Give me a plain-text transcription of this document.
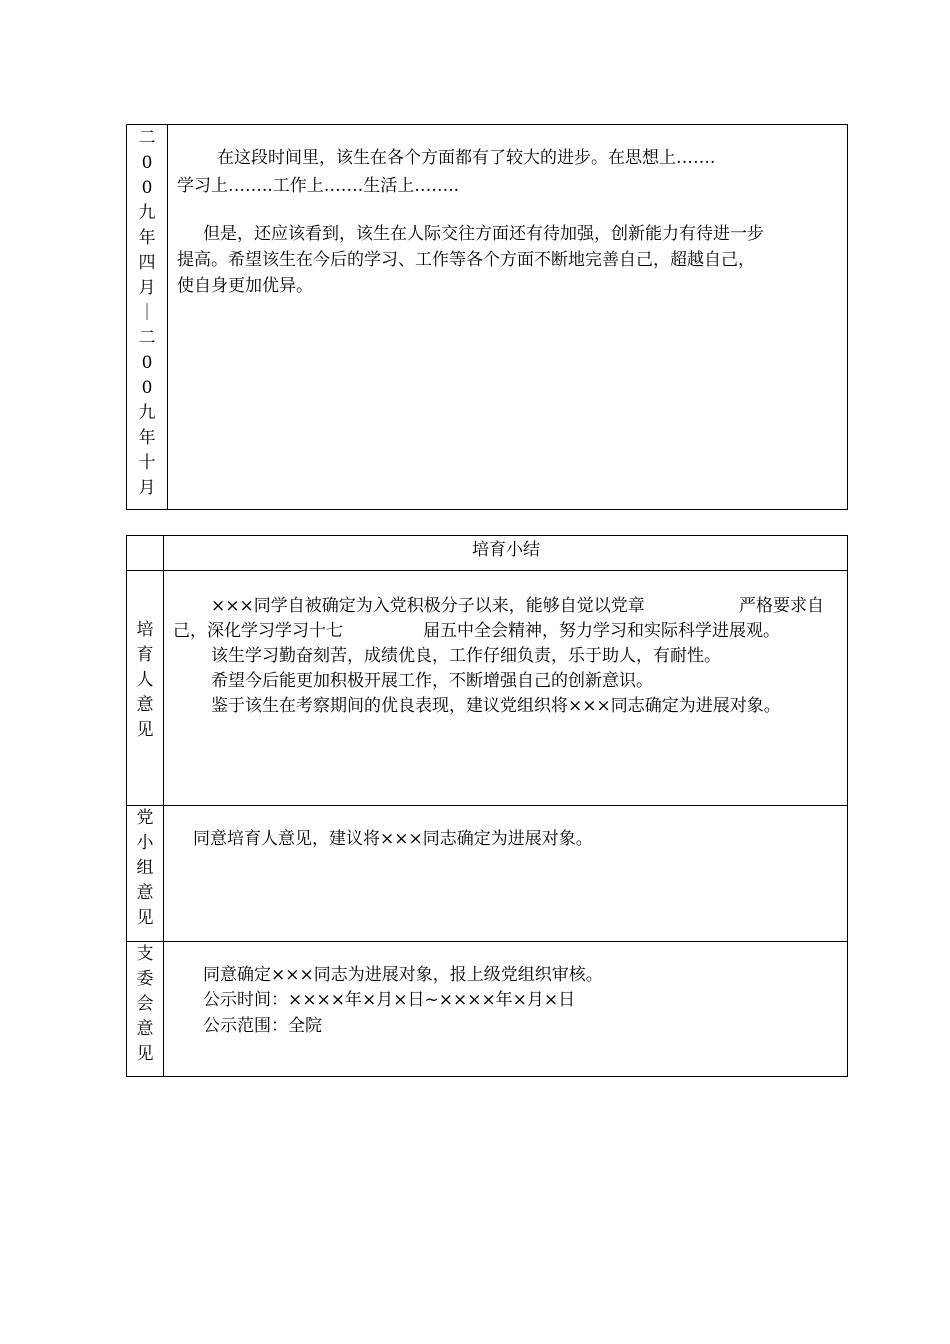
二
0
0
九
年
四
月
｜
二
0
0
九
年
十
月
在这段时间里，该生在各个方面都有了较大的进步。在思想上…….
学习上……..工作上…….生活上……..
但是，还应该看到，该生在人际交往方面还有待加强，创新能力有待进一步
提高。希望该生在今后的学习、工作等各个方面不断地完善自己，超越自己，
使自身更加优异。
培育小结
培
育
人
意
见
×××同学自被确定为入党积极分子以来，能够自觉以党章	严格要求自
己，深化学习学习十七	届五中全会精神，努力学习和实际科学进展观。
该生学习勤奋刻苦，成绩优良，工作仔细负责，乐于助人，有耐性。
希望今后能更加积极开展工作，不断增强自己的创新意识。
鉴于该生在考察期间的优良表现，建议党组织将×××同志确定为进展对象。
党
小
组
意
见
同意培育人意见，建议将×××同志确定为进展对象。
支
委
会
意
见
同意确定×××同志为进展对象，报上级党组织审核。
公示时间：××××年×月×日~××××年×月×日
公示范围：全院
